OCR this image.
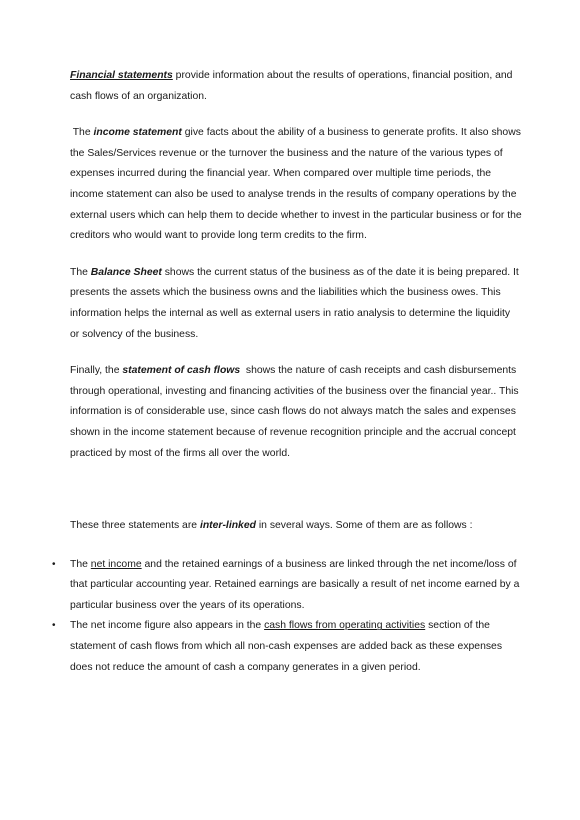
Financial statements provide information about the results of operations, financial position, and cash flows of an organization.

The income statement give facts about the ability of a business to generate profits. It also shows the Sales/Services revenue or the turnover the business and the nature of the various types of expenses incurred during the financial year. When compared over multiple time periods, the income statement can also be used to analyse trends in the results of company operations by the external users which can help them to decide whether to invest in the particular business or for the creditors who would want to provide long term credits to the firm.

The Balance Sheet shows the current status of the business as of the date it is being prepared. It presents the assets which the business owns and the liabilities which the business owes. This information helps the internal as well as external users in ratio analysis to determine the liquidity or solvency of the business.

Finally, the statement of cash flows  shows the nature of cash receipts and cash disbursements through operational, investing and financing activities of the business over the financial year.. This information is of considerable use, since cash flows do not always match the sales and expenses shown in the income statement because of revenue recognition principle and the accrual concept practiced by most of the firms all over the world.

These three statements are inter-linked in several ways. Some of them are as follows :

• The net income and the retained earnings of a business are linked through the net income/loss of that particular accounting year. Retained earnings are basically a result of net income earned by a particular business over the years of its operations.
• The net income figure also appears in the cash flows from operating activities section of the statement of cash flows from which all non-cash expenses are added back as these expenses does not reduce the amount of cash a company generates in a given period.
